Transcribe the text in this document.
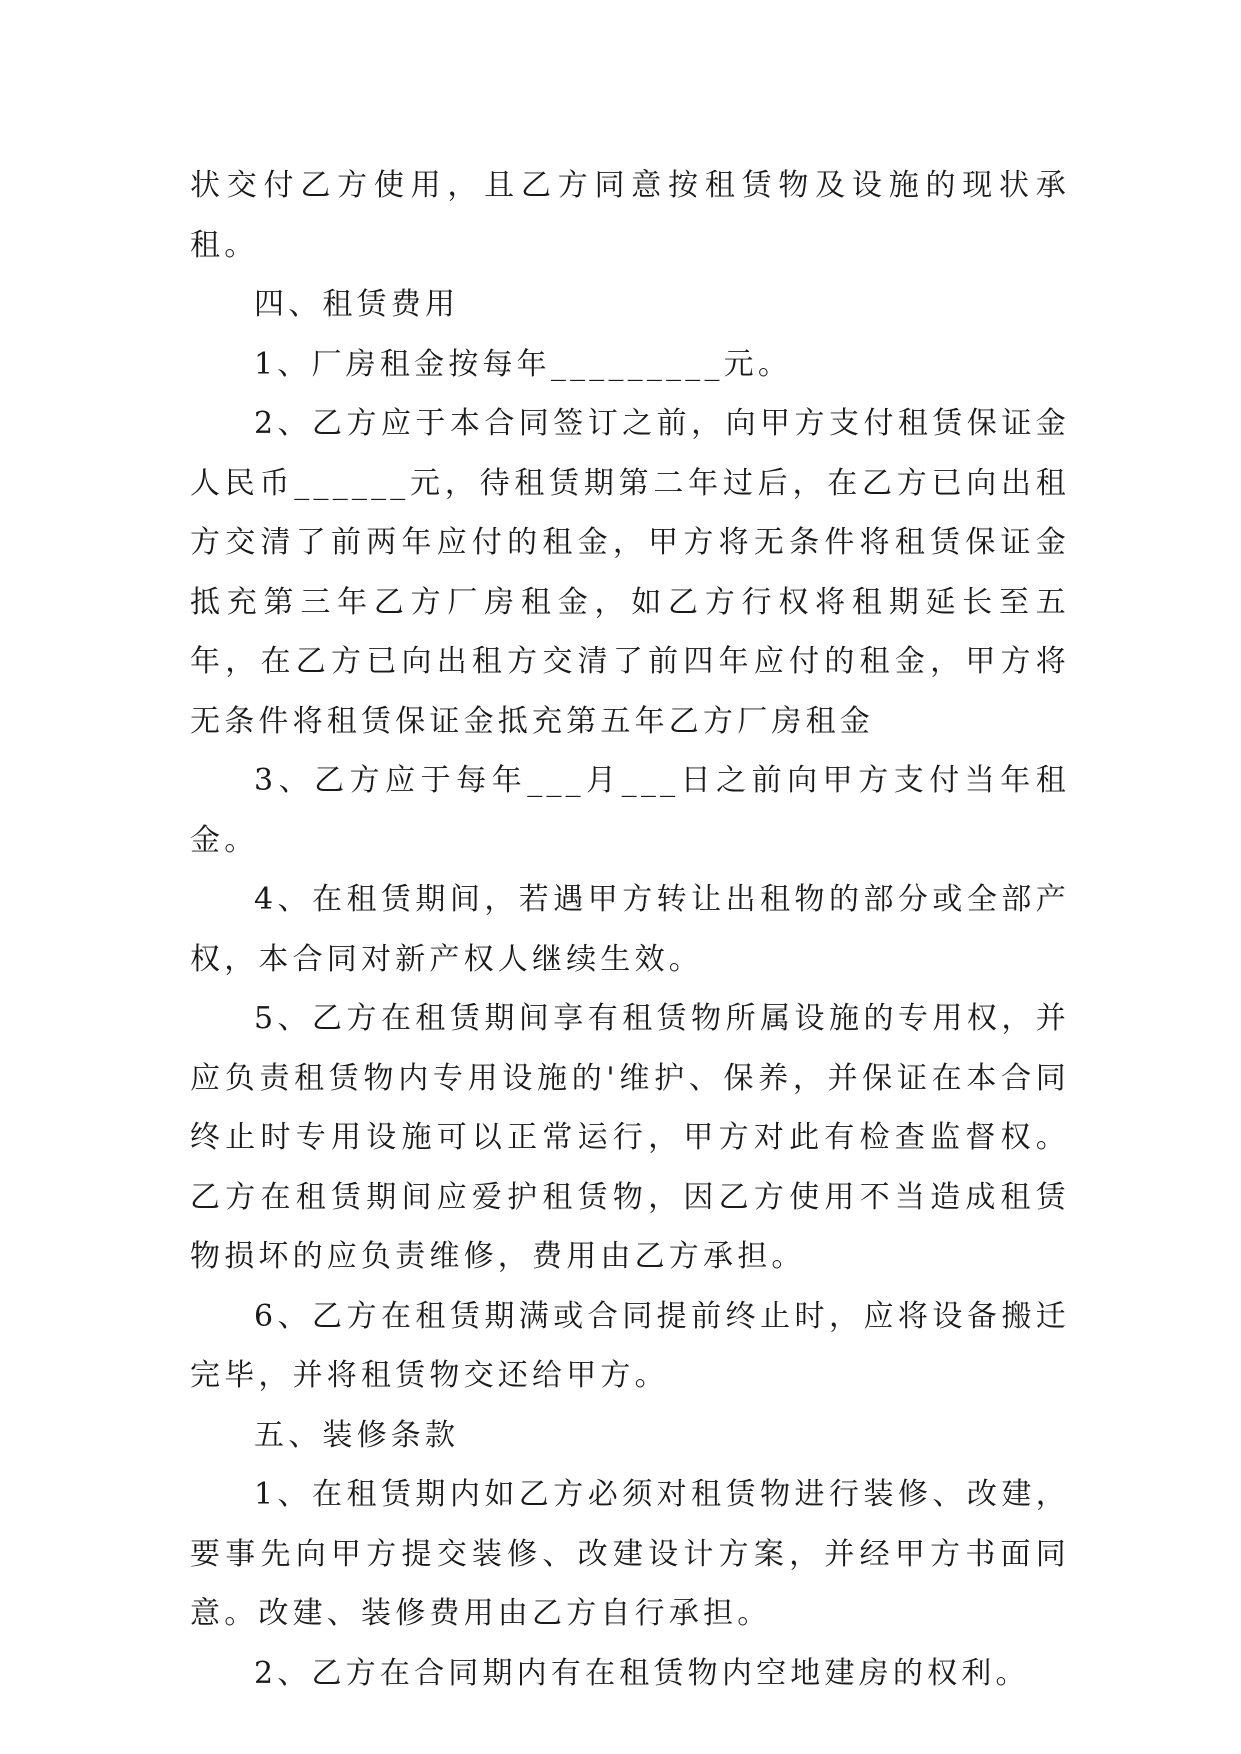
状交付乙方使用，且乙方同意按租赁物及设施的现状承租。

四、租赁费用

1、厂房租金按每年_________元。

2、乙方应于本合同签订之前，向甲方支付租赁保证金人民币______元，待租赁期第二年过后，在乙方已向出租方交清了前两年应付的租金，甲方将无条件将租赁保证金抵充第三年乙方厂房租金，如乙方行权将租期延长至五年，在乙方已向出租方交清了前四年应付的租金，甲方将无条件将租赁保证金抵充第五年乙方厂房租金

3、乙方应于每年___月___日之前向甲方支付当年租金。

4、在租赁期间，若遇甲方转让出租物的部分或全部产权，本合同对新产权人继续生效。

5、乙方在租赁期间享有租赁物所属设施的专用权，并应负责租赁物内专用设施的'维护、保养，并保证在本合同终止时专用设施可以正常运行，甲方对此有检查监督权。乙方在租赁期间应爱护租赁物，因乙方使用不当造成租赁物损坏的应负责维修，费用由乙方承担。

6、乙方在租赁期满或合同提前终止时，应将设备搬迁完毕，并将租赁物交还给甲方。

五、装修条款

1、在租赁期内如乙方必须对租赁物进行装修、改建，要事先向甲方提交装修、改建设计方案，并经甲方书面同意。改建、装修费用由乙方自行承担。

2、乙方在合同期内有在租赁物内空地建房的权利。
